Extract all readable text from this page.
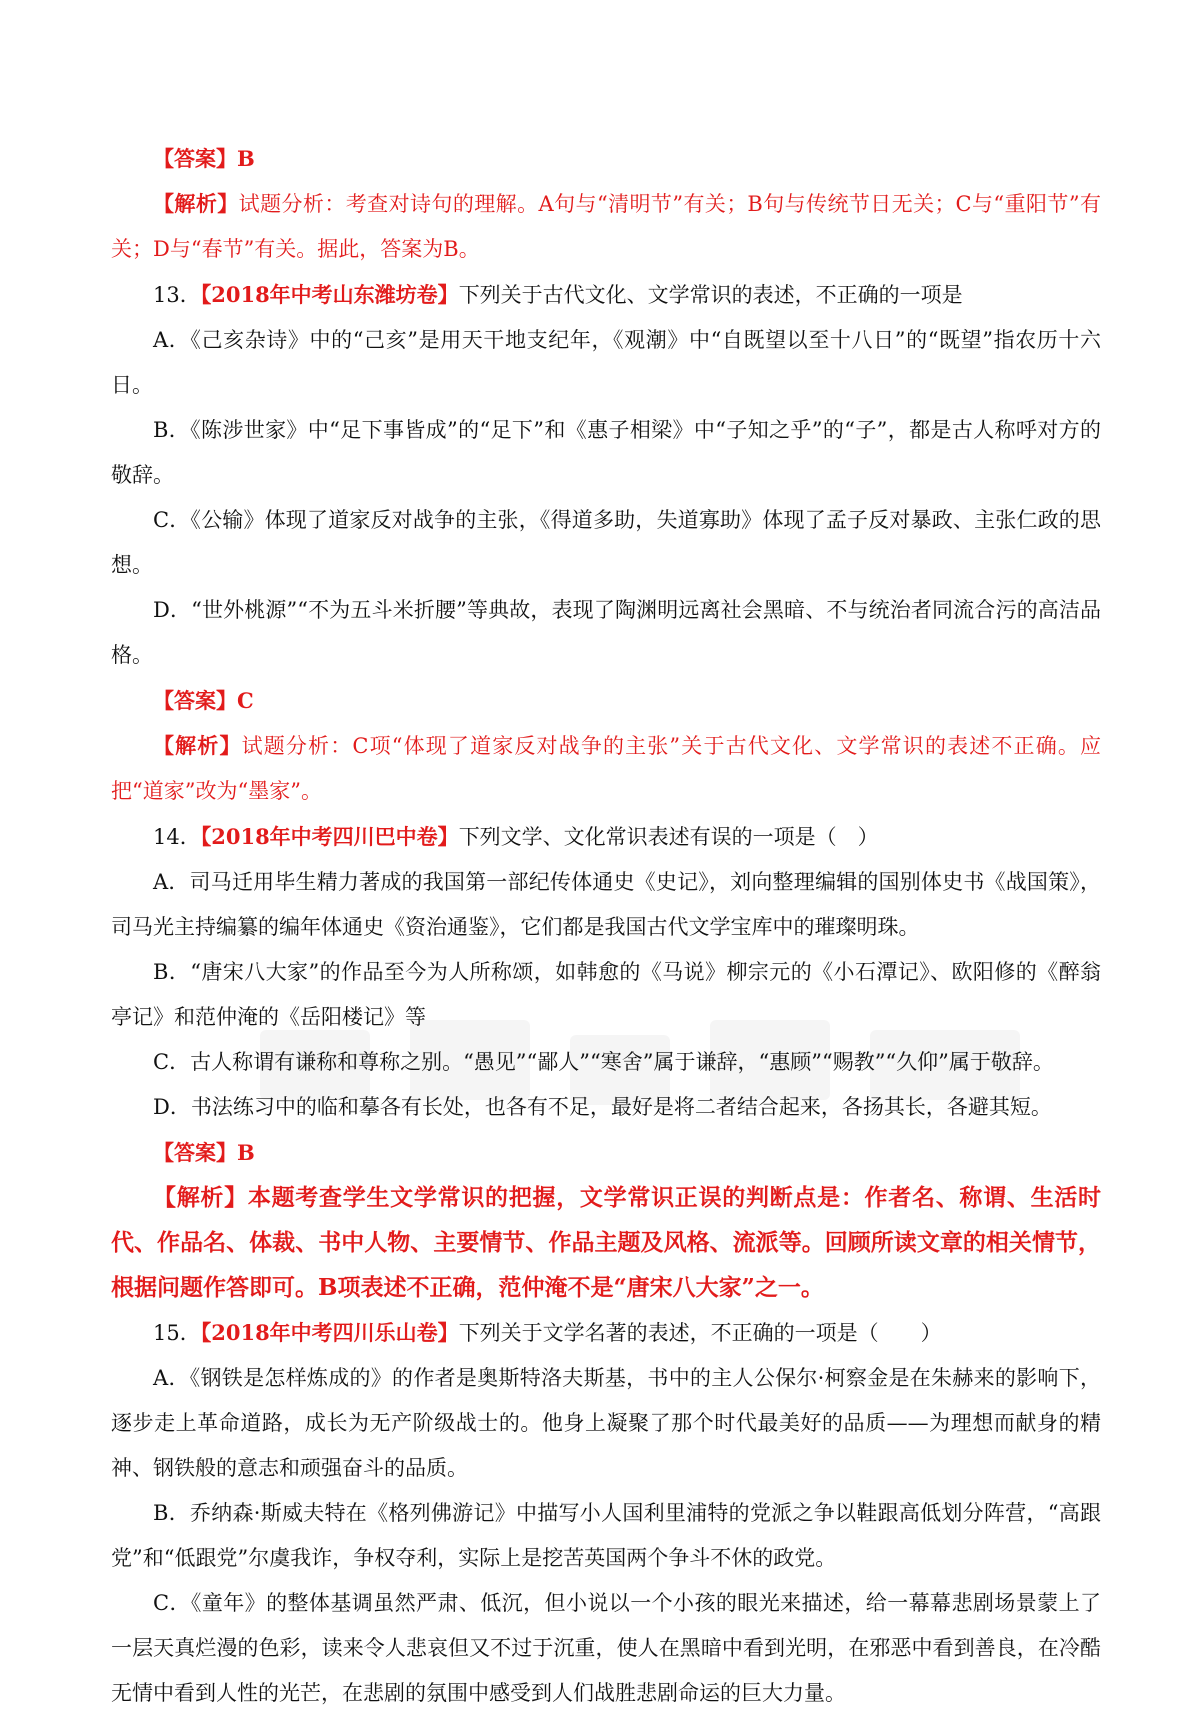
【答案】B

【解析】试题分析：考查对诗句的理解。A句与“清明节”有关；B句与传统节日无关；C与“重阳节”有关；D与“春节”有关。据此，答案为B。

13．【2018年中考山东潍坊卷】下列关于古代文化、文学常识的表述，不正确的一项是

A．《己亥杂诗》中的“己亥”是用天干地支纪年，《观潮》中“自既望以至十八日”的“既望”指农历十六日。

B．《陈涉世家》中“足下事皆成”的“足下”和《惠子相梁》中“子知之乎”的“子”，都是古人称呼对方的敬辞。

C．《公输》体现了道家反对战争的主张，《得道多助，失道寡助》体现了孟子反对暴政、主张仁政的思想。

D．“世外桃源”“不为五斗米折腰”等典故，表现了陶渊明远离社会黑暗、不与统治者同流合污的高洁品格。

【答案】C

【解析】试题分析：C项“体现了道家反对战争的主张”关于古代文化、文学常识的表述不正确。应把“道家”改为“墨家”。

14．【2018年中考四川巴中卷】下列文学、文化常识表述有误的一项是（　）

A．司马迁用毕生精力著成的我国第一部纪传体通史《史记》，刘向整理编辑的国别体史书《战国策》，司马光主持编纂的编年体通史《资治通鉴》，它们都是我国古代文学宝库中的璀璨明珠。

B．“唐宋八大家”的作品至今为人所称颂，如韩愈的《马说》柳宗元的《小石潭记》、欧阳修的《醉翁亭记》和范仲淹的《岳阳楼记》等

C．古人称谓有谦称和尊称之别。“愚见”“鄙人”“寒舍”属于谦辞，“惠顾”“赐教”“久仰”属于敬辞。

D．书法练习中的临和摹各有长处，也各有不足，最好是将二者结合起来，各扬其长，各避其短。

【答案】B

【解析】本题考查学生文学常识的把握，文学常识正误的判断点是：作者名、称谓、生活时代、作品名、体裁、书中人物、主要情节、作品主题及风格、流派等。回顾所读文章的相关情节，根据问题作答即可。B项表述不正确，范仲淹不是“唐宋八大家”之一。

15．【2018年中考四川乐山卷】下列关于文学名著的表述，不正确的一项是（　　）

A．《钢铁是怎样炼成的》的作者是奥斯特洛夫斯基，书中的主人公保尔·柯察金是在朱赫来的影响下，逐步走上革命道路，成长为无产阶级战士的。他身上凝聚了那个时代最美好的品质——为理想而献身的精神、钢铁般的意志和顽强奋斗的品质。

B．乔纳森·斯威夫特在《格列佛游记》中描写小人国利里浦特的党派之争以鞋跟高低划分阵营，“高跟党”和“低跟党”尔虞我诈，争权夺利，实际上是挖苦英国两个争斗不休的政党。

C．《童年》的整体基调虽然严肃、低沉，但小说以一个小孩的眼光来描述，给一幕幕悲剧场景蒙上了一层天真烂漫的色彩，读来令人悲哀但又不过于沉重，使人在黑暗中看到光明，在邪恶中看到善良，在冷酷无情中看到人性的光芒，在悲剧的氛围中感受到人们战胜悲剧命运的巨大力量。
